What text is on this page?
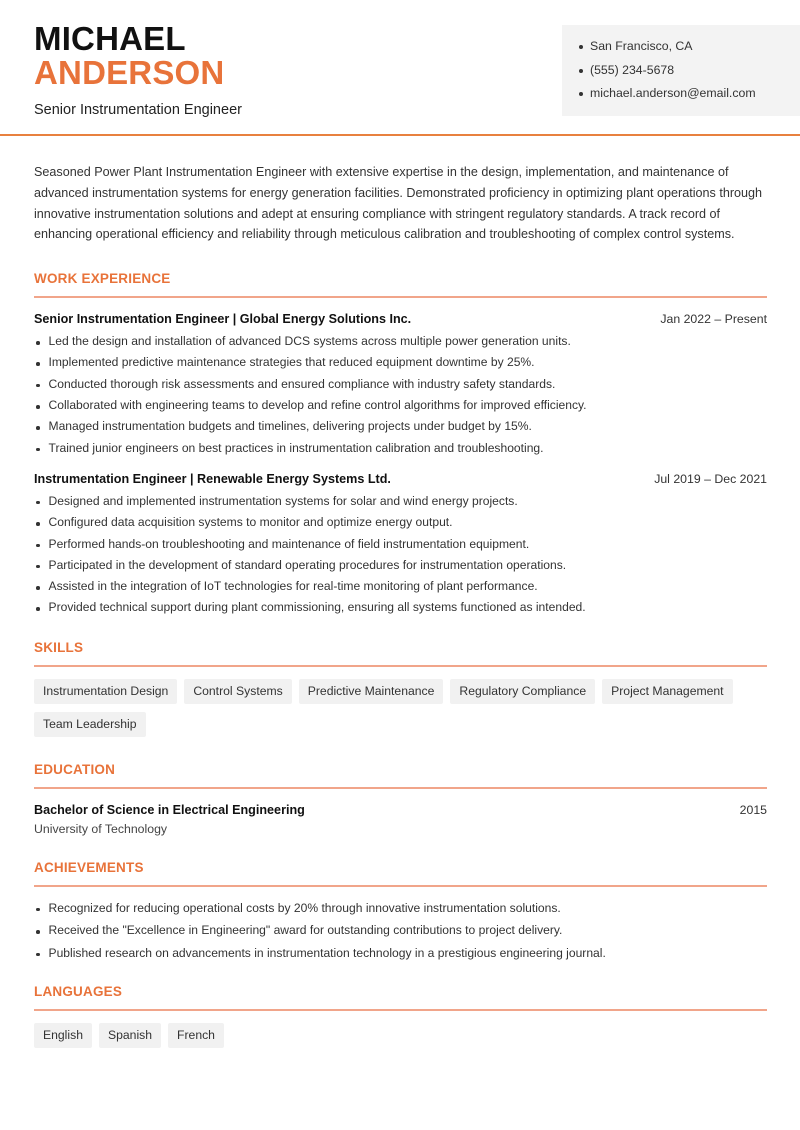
MICHAEL
ANDERSON
Senior Instrumentation Engineer
San Francisco, CA
(555) 234-5678
michael.anderson@email.com

Seasoned Power Plant Instrumentation Engineer with extensive expertise in the design, implementation, and maintenance of advanced instrumentation systems for energy generation facilities. Demonstrated proficiency in optimizing plant operations through innovative instrumentation solutions and adept at ensuring compliance with stringent regulatory standards. A track record of enhancing operational efficiency and reliability through meticulous calibration and troubleshooting of complex control systems.

WORK EXPERIENCE
Senior Instrumentation Engineer | Global Energy Solutions Inc.	Jan 2022 – Present
Led the design and installation of advanced DCS systems across multiple power generation units.
Implemented predictive maintenance strategies that reduced equipment downtime by 25%.
Conducted thorough risk assessments and ensured compliance with industry safety standards.
Collaborated with engineering teams to develop and refine control algorithms for improved efficiency.
Managed instrumentation budgets and timelines, delivering projects under budget by 15%.
Trained junior engineers on best practices in instrumentation calibration and troubleshooting.
Instrumentation Engineer | Renewable Energy Systems Ltd.	Jul 2019 – Dec 2021
Designed and implemented instrumentation systems for solar and wind energy projects.
Configured data acquisition systems to monitor and optimize energy output.
Performed hands-on troubleshooting and maintenance of field instrumentation equipment.
Participated in the development of standard operating procedures for instrumentation operations.
Assisted in the integration of IoT technologies for real-time monitoring of plant performance.
Provided technical support during plant commissioning, ensuring all systems functioned as intended.
SKILLS
Instrumentation Design	Control Systems	Predictive Maintenance	Regulatory Compliance	Project Management
Team Leadership
EDUCATION
Bachelor of Science in Electrical Engineering	2015
University of Technology
ACHIEVEMENTS
Recognized for reducing operational costs by 20% through innovative instrumentation solutions.
Received the "Excellence in Engineering" award for outstanding contributions to project delivery.
Published research on advancements in instrumentation technology in a prestigious engineering journal.
LANGUAGES
English	Spanish	French
